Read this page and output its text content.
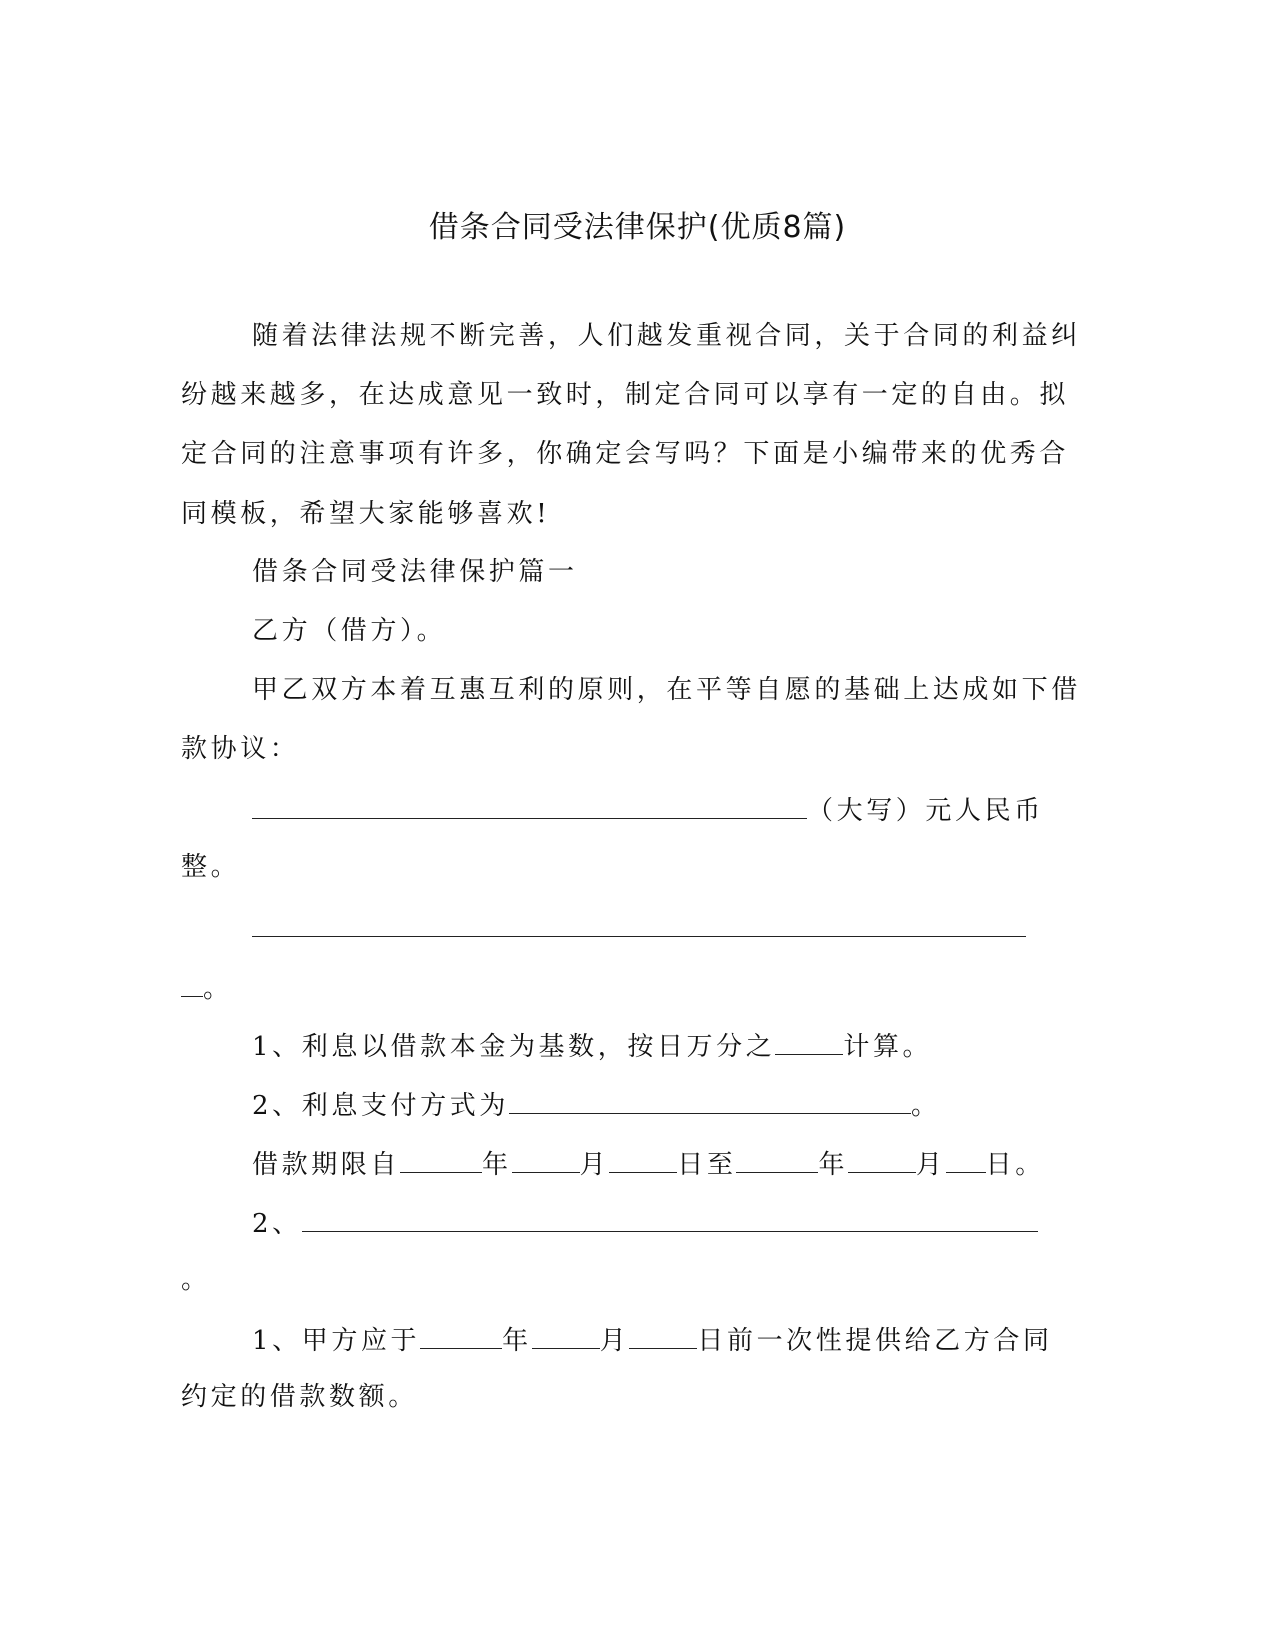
借条合同受法律保护(优质8篇)
随着法律法规不断完善，人们越发重视合同，关于合同的利益纠
纷越来越多，在达成意见一致时，制定合同可以享有一定的自由。拟
定合同的注意事项有许多，你确定会写吗？下面是小编带来的优秀合
同模板，希望大家能够喜欢!
借条合同受法律保护篇一
乙方（借方）。
甲乙双方本着互惠互利的原则，在平等自愿的基础上达成如下借
款协议：
（大写）元人民币
整。
。
1、利息以借款本金为基数，按日万分之	计算。
2、利息支付方式为	。
借款期限自	年	月	日至	年	月 日。
2、
。
1、甲方应于	年	月	日前一次性提供给乙方合同
约定的借款数额。
